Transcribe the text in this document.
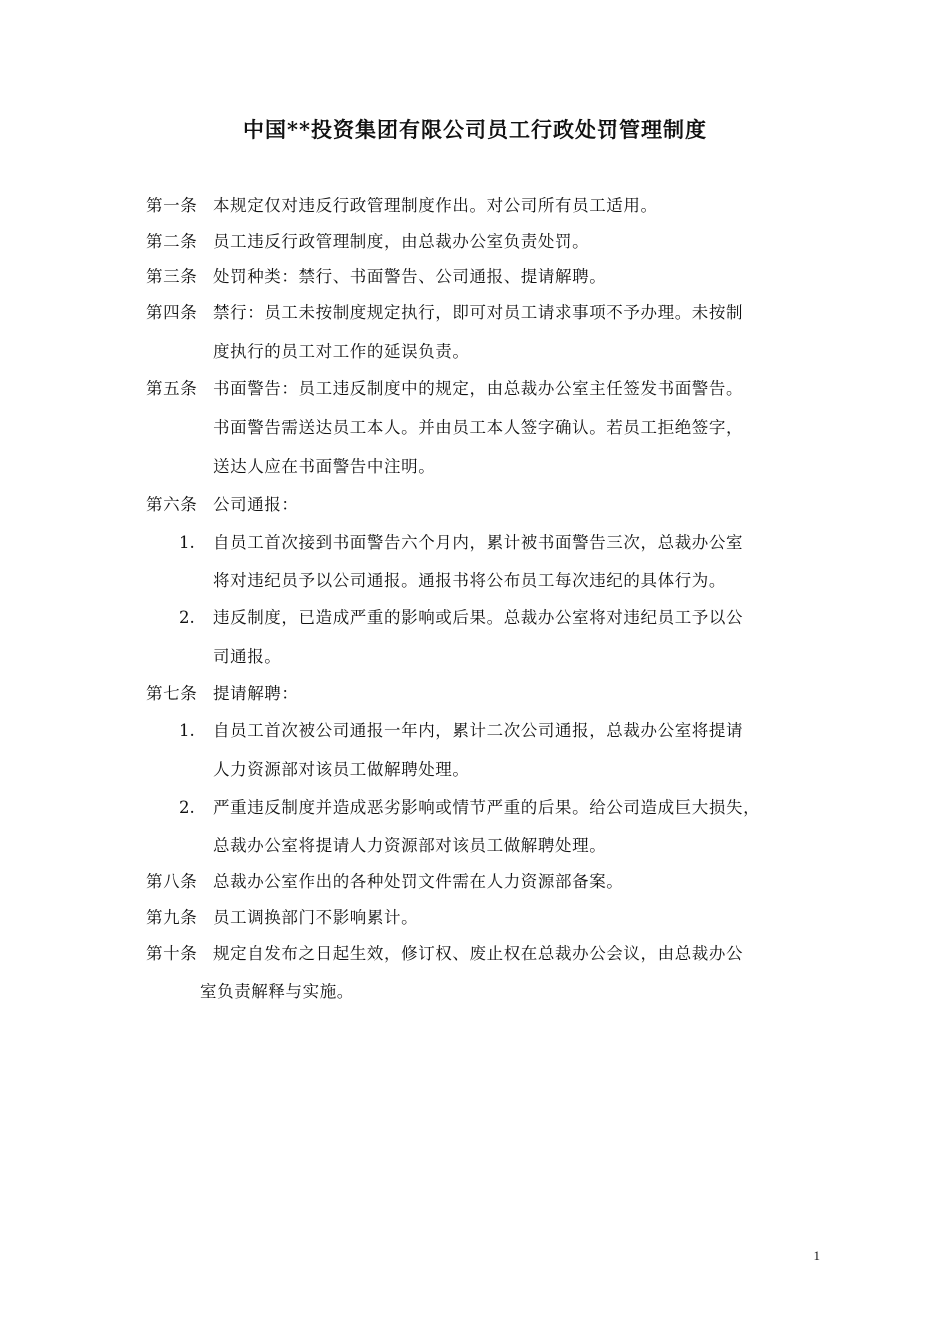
中国**投资集团有限公司员工行政处罚管理制度
第一条 本规定仅对违反行政管理制度作出。对公司所有员工适用。
第二条 员工违反行政管理制度，由总裁办公室负责处罚。
第三条 处罚种类：禁行、书面警告、公司通报、提请解聘。
第四条 禁行：员工未按制度规定执行，即可对员工请求事项不予办理。未按制
度执行的员工对工作的延误负责。
第五条 书面警告：员工违反制度中的规定，由总裁办公室主任签发书面警告。
书面警告需送达员工本人。并由员工本人签字确认。若员工拒绝签字，
送达人应在书面警告中注明。
第六条 公司通报：
1. 自员工首次接到书面警告六个月内，累计被书面警告三次，总裁办公室
将对违纪员予以公司通报。通报书将公布员工每次违纪的具体行为。
2. 违反制度，已造成严重的影响或后果。总裁办公室将对违纪员工予以公
司通报。
第七条 提请解聘：
1. 自员工首次被公司通报一年内，累计二次公司通报，总裁办公室将提请
人力资源部对该员工做解聘处理。
2. 严重违反制度并造成恶劣影响或情节严重的后果。给公司造成巨大损失，
总裁办公室将提请人力资源部对该员工做解聘处理。
第八条 总裁办公室作出的各种处罚文件需在人力资源部备案。
第九条 员工调换部门不影响累计。
第十条 规定自发布之日起生效，修订权、废止权在总裁办公会议，由总裁办公
室负责解释与实施。
1
